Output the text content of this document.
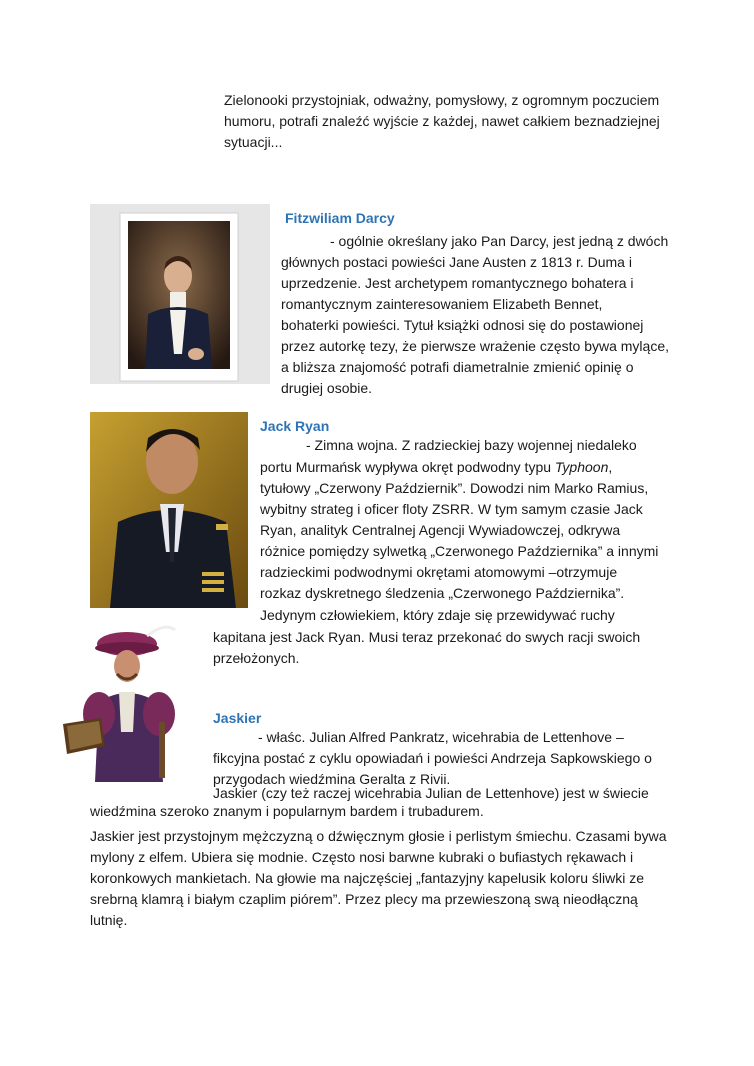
Zielonooki przystojniak, odważny, pomysłowy, z ogromnym poczuciem
humoru, potrafi znaleźć wyjście z każdej, nawet całkiem beznadziejnej
sytuacji...
Fitzwiliam Darcy
- ogólnie określany jako Pan Darcy, jest jedną z dwóch
głównych postaci powieści Jane Austen z 1813 r. Duma i
uprzedzenie. Jest archetypem romantycznego bohatera i
romantycznym zainteresowaniem Elizabeth Bennet,
bohaterki powieści. Tytuł książki odnosi się do postawionej
przez autorkę tezy, że pierwsze wrażenie często bywa mylące,
a bliższa znajomość potrafi diametralnie zmienić opinię o
drugiej osobie.
Jack Ryan
- Zimna wojna. Z radzieckiej bazy wojennej niedaleko
portu Murmańsk wypływa okręt podwodny typu Typhoon,
tytułowy „Czerwony Październik”. Dowodzi nim Marko Ramius,
wybitny strateg i oficer floty ZSRR. W tym samym czasie Jack
Ryan, analityk Centralnej Agencji Wywiadowczej, odkrywa
różnice pomiędzy sylwetką „Czerwonego Października” a innymi
radzieckimi podwodnymi okrętami atomowymi –otrzymuje
rozkaz dyskretnego śledzenia „Czerwonego Października”.
Jedynym człowiekiem, który zdaje się przewidywać ruchy
kapitana jest Jack Ryan. Musi teraz przekonać do swych racji swoich
przełożonych.
Jaskier
- właśc. Julian Alfred Pankratz, wicehrabia de Lettenhove –
fikcyjna postać z cyklu opowiadań i powieści Andrzeja Sapkowskiego o
przygodach wiedźmina Geralta z Rivii.
Jaskier (czy też raczej wicehrabia Julian de Lettenhove) jest w świecie
wiedźmina szeroko znanym i popularnym bardem i trubadurem.
Jaskier jest przystojnym mężczyzną o dźwięcznym głosie i perlistym śmiechu. Czasami bywa
mylony z elfem. Ubiera się modnie. Często nosi barwne kubraki o bufiastych rękawach i
koronkowych mankietach. Na głowie ma najczęściej „fantazyjny kapelusik koloru śliwki ze
srebrną klamrą i białym czaplim piórem”. Przez plecy ma przewieszoną swą nieodłączną
lutnię.
